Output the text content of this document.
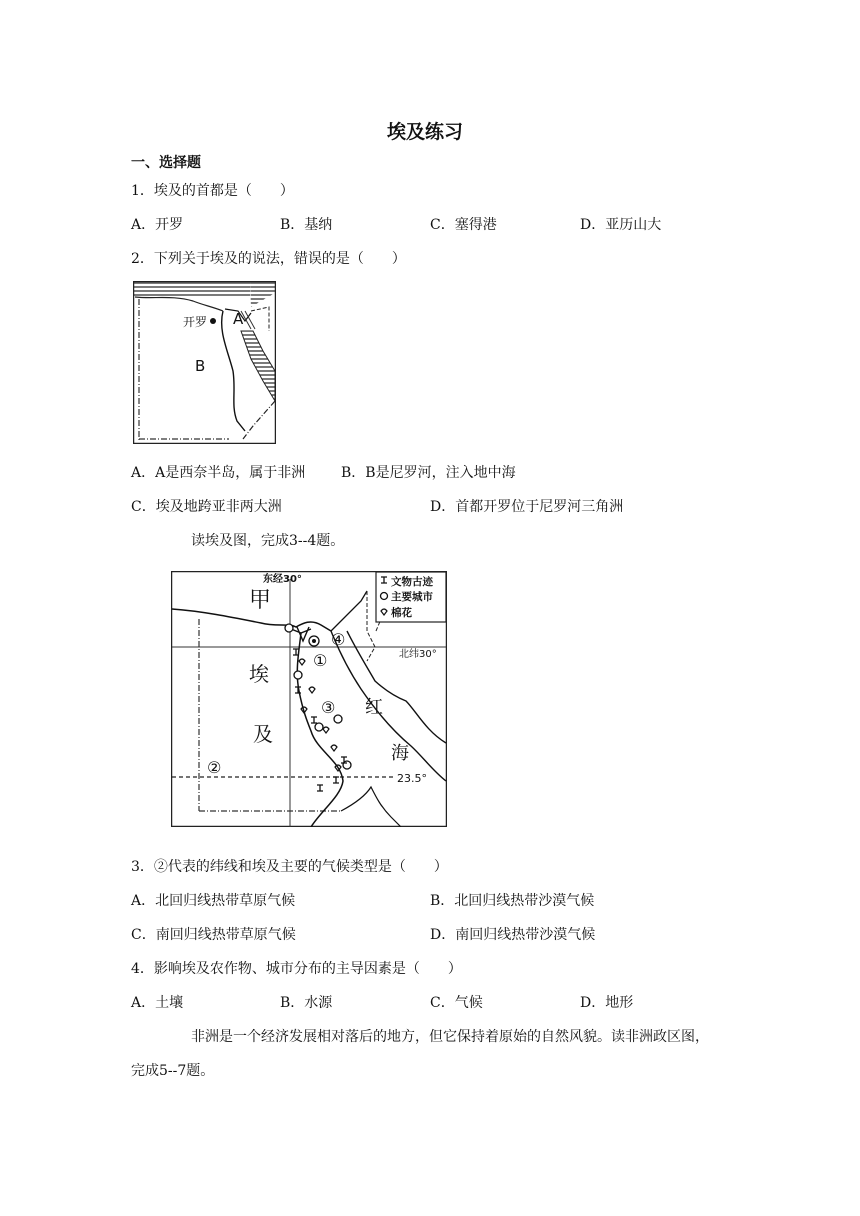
埃及练习
一、选择题
1．埃及的首都是（　　）
A．开罗	B．基纳	C．塞得港	D．亚历山大
2．下列关于埃及的说法，错误的是（　　）
开罗 A
B
A．A是西奈半岛，属于非洲	B．B是尼罗河，注入地中海
C．埃及地跨亚非两大洲	D．首都开罗位于尼罗河三角洲
读埃及图，完成3--4题。
东经30°
北纬30°
23.5°
甲
埃
及
红
海
①
②
③
④
文物古迹
主要城市
棉花
3．②代表的纬线和埃及主要的气候类型是（　　）
A．北回归线热带草原气候	B．北回归线热带沙漠气候
C．南回归线热带草原气候	D．南回归线热带沙漠气候
4．影响埃及农作物、城市分布的主导因素是（　　）
A．土壤	B．水源	C．气候	D．地形
非洲是一个经济发展相对落后的地方，但它保持着原始的自然风貌。读非洲政区图，
完成5--7题。
